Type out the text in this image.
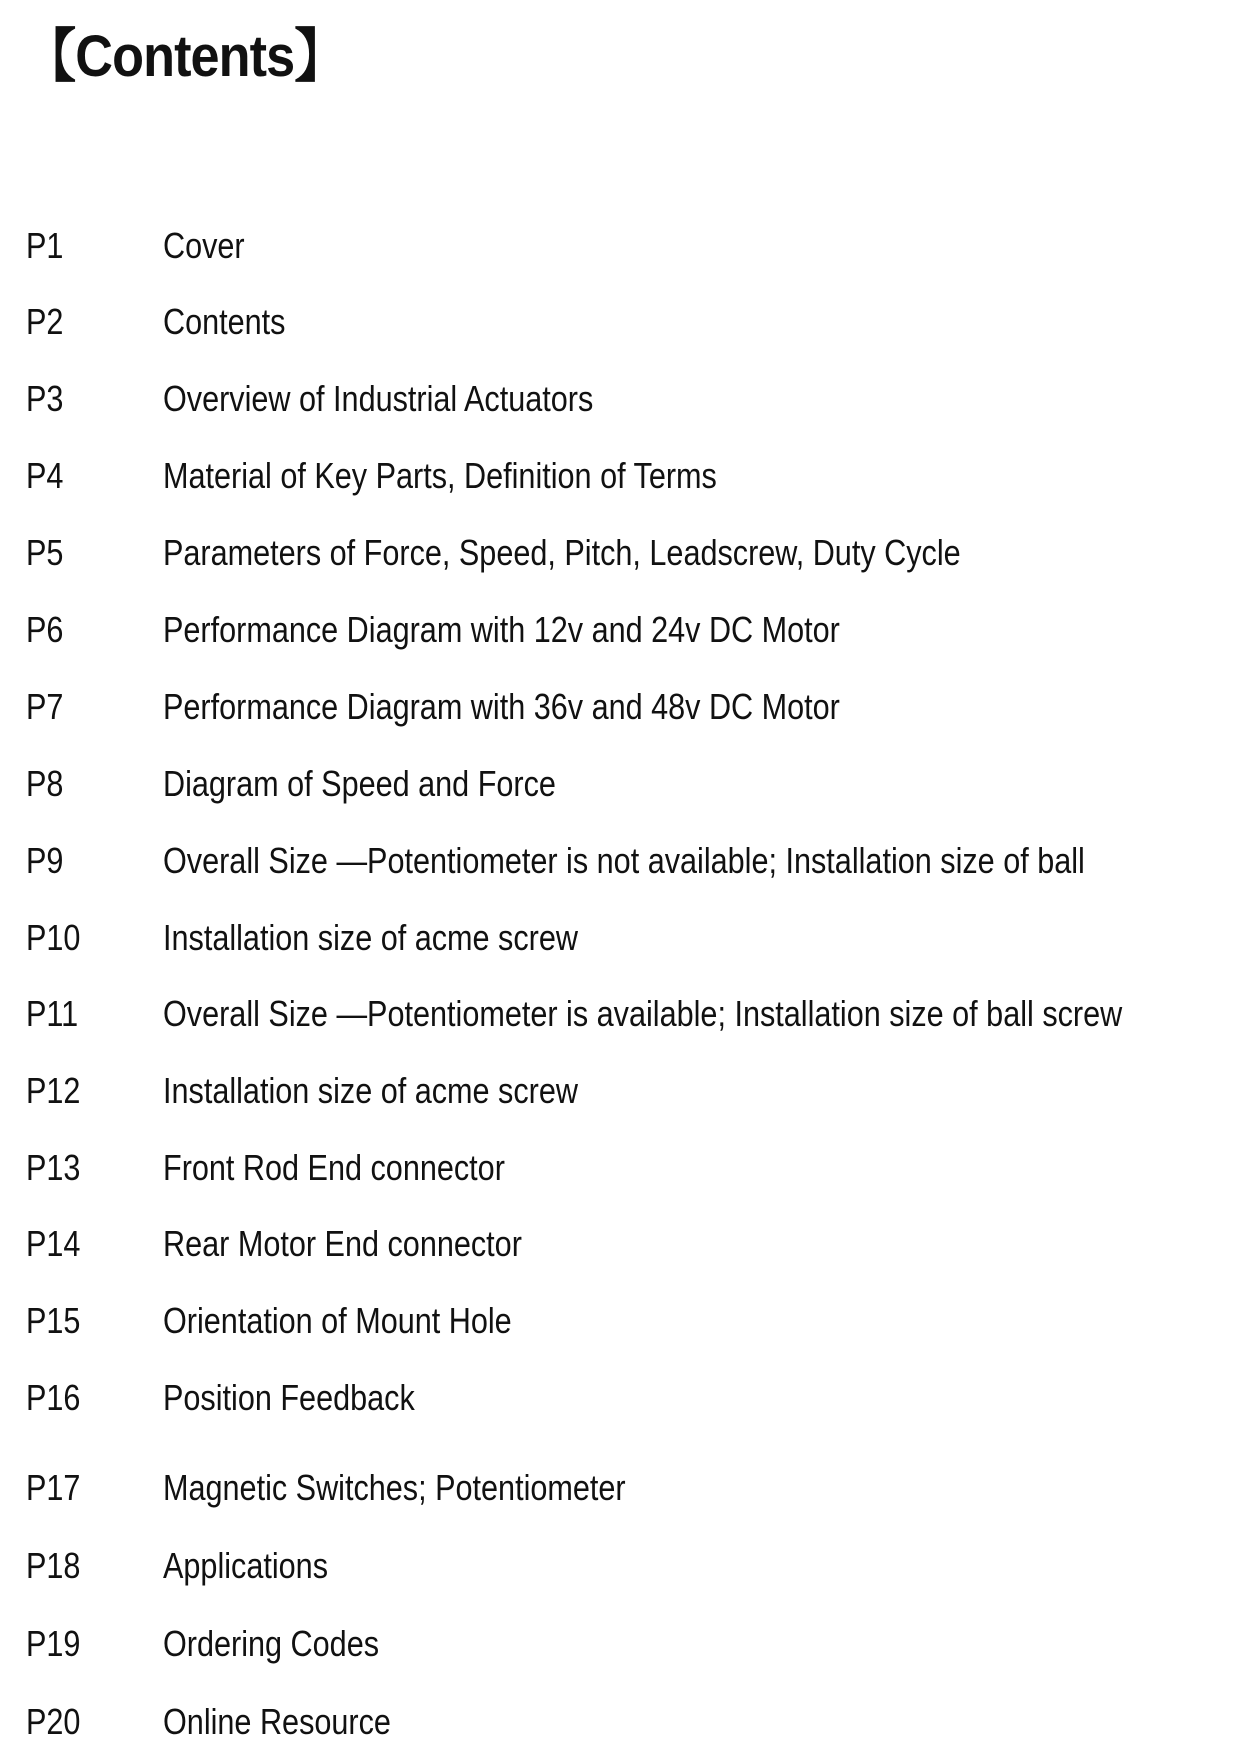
【Contents】
P1	Cover
P2	Contents
P3	Overview of Industrial Actuators
P4	Material of Key Parts, Definition of Terms
P5	Parameters of Force, Speed, Pitch, Leadscrew, Duty Cycle
P6	Performance Diagram with 12v and 24v DC Motor
P7	Performance Diagram with 36v and 48v DC Motor
P8	Diagram of Speed and Force
P9	Overall Size —Potentiometer is not available; Installation size of ball
P10 Installation size of acme screw
P11 Overall Size —Potentiometer is available; Installation size of ball screw
P12 Installation size of acme screw
P13 Front Rod End connector
P14 Rear Motor End connector
P15 Orientation of Mount Hole
P16 Position Feedback
P17 Magnetic Switches; Potentiometer
P18 Applications
P19 Ordering Codes
P20 Online Resource
